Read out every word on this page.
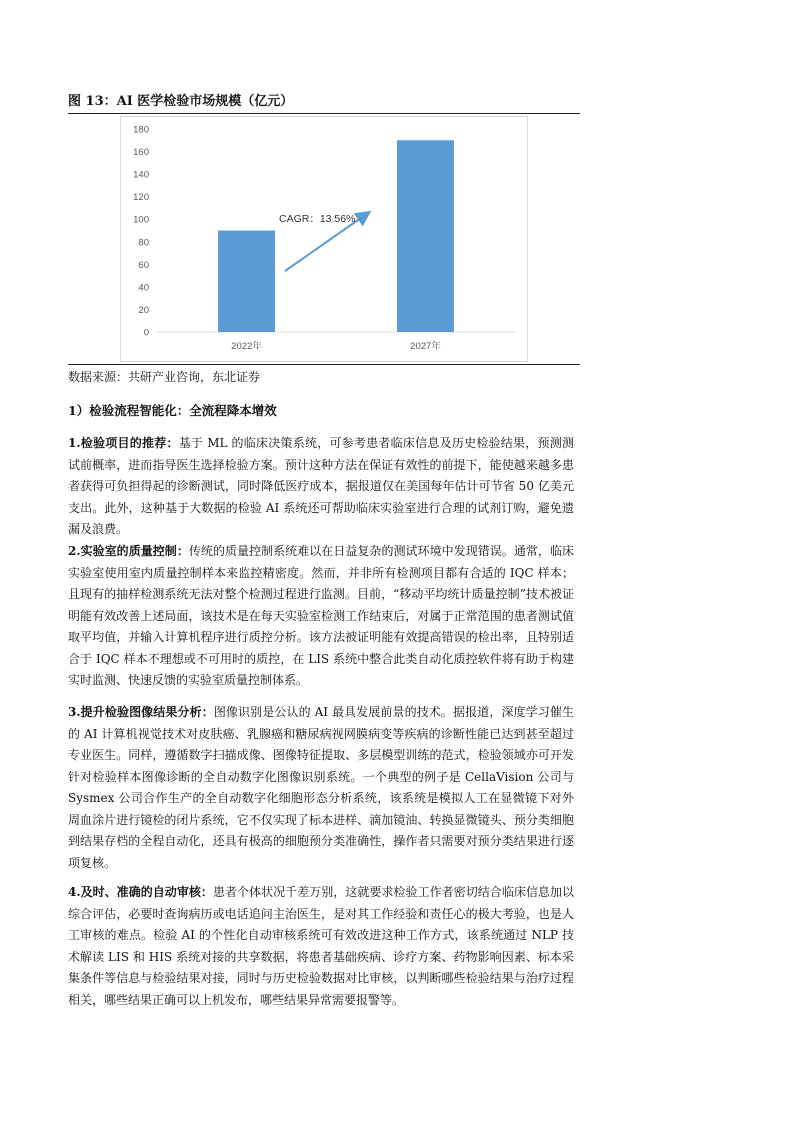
图 13：AI 医学检验市场规模（亿元）
0
20
40
60
80
100
120
140
160
180
2022年	2027年
CAGR：13.56%
数据来源：共研产业咨询，东北证券
1）检验流程智能化：全流程降本增效
1.检验项目的推荐：基于 ML 的临床决策系统，可参考患者临床信息及历史检验结果，预测测试前概率，进而指导医生选择检验方案。预计这种方法在保证有效性的前提下，能使越来越多患者获得可负担得起的诊断测试，同时降低医疗成本，据报道仅在美国每年估计可节省 50 亿美元支出。此外，这种基于大数据的检验 AI 系统还可帮助临床实验室进行合理的试剂订购，避免遗漏及浪费。
2.实验室的质量控制：传统的质量控制系统难以在日益复杂的测试环境中发现错误。通常，临床实验室使用室内质量控制样本来监控精密度。然而，并非所有检测项目都有合适的 IQC 样本；且现有的抽样检测系统无法对整个检测过程进行监测。目前，“移动平均统计质量控制”技术被证明能有效改善上述局面，该技术是在每天实验室检测工作结束后，对属于正常范围的患者测试值取平均值，并输入计算机程序进行质控分析。该方法被证明能有效提高错误的检出率，且特别适合于 IQC 样本不理想或不可用时的质控，在 LIS 系统中整合此类自动化质控软件将有助于构建实时监测、快速反馈的实验室质量控制体系。
3.提升检验图像结果分析：图像识别是公认的 AI 最具发展前景的技术。据报道，深度学习催生的 AI 计算机视觉技术对皮肤癌、乳腺癌和糖尿病视网膜病变等疾病的诊断性能已达到甚至超过专业医生。同样，遵循数字扫描成像、图像特征提取、多层模型训练的范式，检验领域亦可开发针对检验样本图像诊断的全自动数字化图像识别系统。一个典型的例子是 CellaVision 公司与 Sysmex 公司合作生产的全自动数字化细胞形态分析系统，该系统是模拟人工在显微镜下对外周血涂片进行镜检的闭片系统，它不仅实现了标本进样、滴加镜油、转换显微镜头、预分类细胞到结果存档的全程自动化，还具有极高的细胞预分类准确性，操作者只需要对预分类结果进行逐项复核。
4.及时、准确的自动审核：患者个体状况千差万别，这就要求检验工作者密切结合临床信息加以综合评估，必要时查询病历或电话追问主治医生，是对其工作经验和责任心的极大考验，也是人工审核的难点。检验 AI 的个性化自动审核系统可有效改进这种工作方式，该系统通过 NLP 技术解读 LIS 和 HIS 系统对接的共享数据，将患者基础疾病、诊疗方案、药物影响因素、标本采集条件等信息与检验结果对接，同时与历史检验数据对比审核，以判断哪些检验结果与治疗过程相关，哪些结果正确可以上机发布，哪些结果异常需要报警等。
